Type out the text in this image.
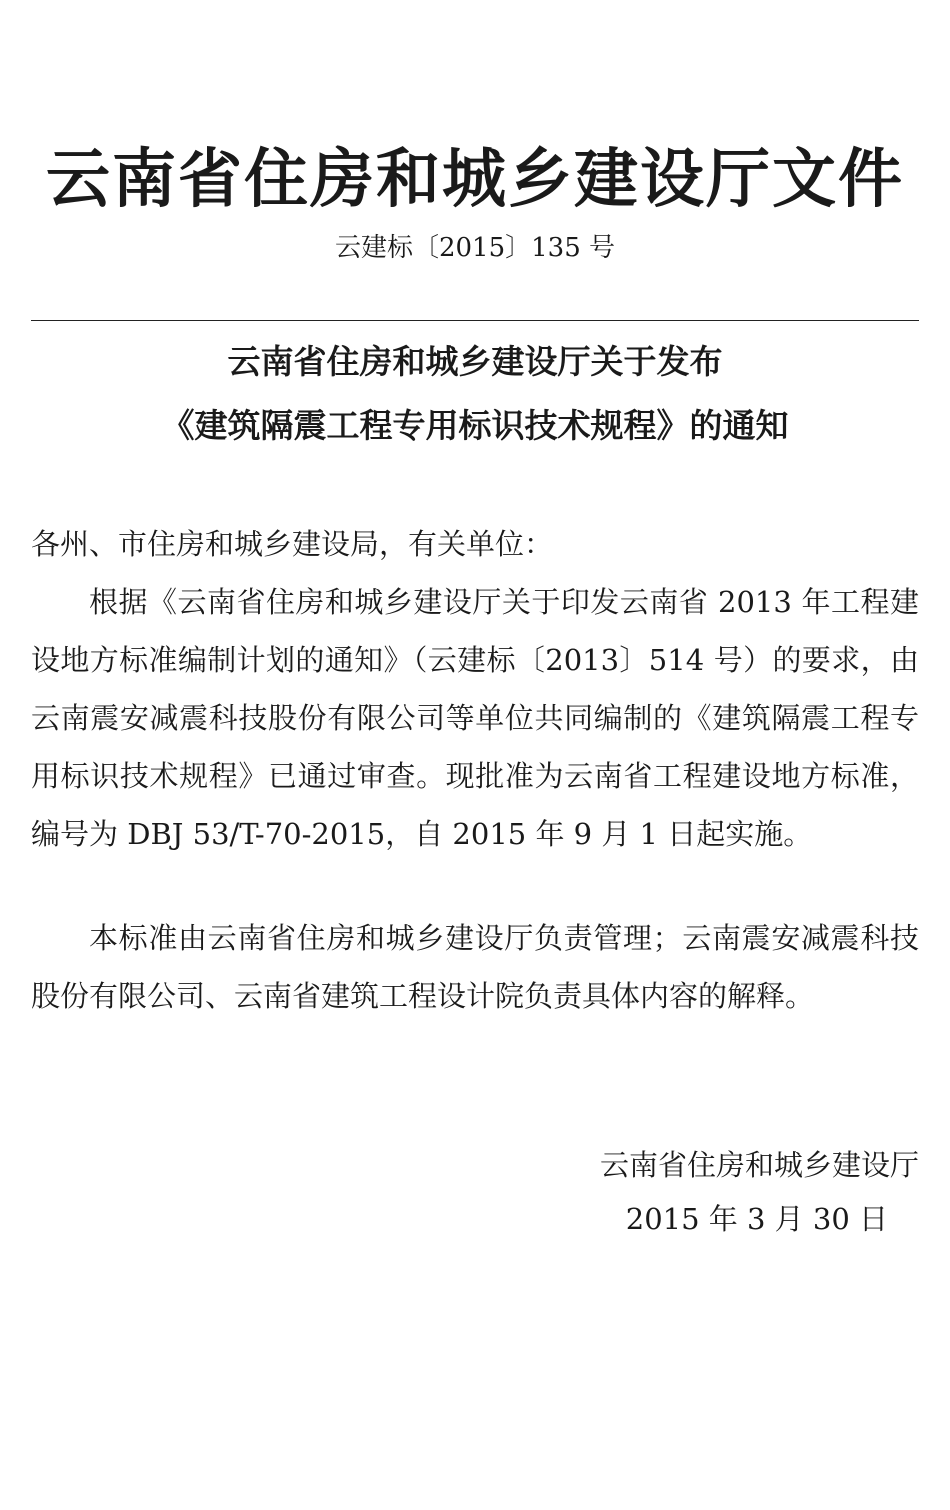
云南省住房和城乡建设厅文件
云建标〔2015〕135 号
云南省住房和城乡建设厅关于发布
《建筑隔震工程专用标识技术规程》的通知
各州、市住房和城乡建设局，有关单位：
根据《云南省住房和城乡建设厅关于印发云南省 2013 年工程建设地方标准编制计划的通知》（云建标〔2013〕514 号）的要求，由云南震安减震科技股份有限公司等单位共同编制的《建筑隔震工程专用标识技术规程》已通过审查。现批准为云南省工程建设地方标准，编号为 DBJ 53/T-70-2015，自 2015 年 9 月 1 日起实施。
本标准由云南省住房和城乡建设厅负责管理；云南震安减震科技股份有限公司、云南省建筑工程设计院负责具体内容的解释。
云南省住房和城乡建设厅
2015 年 3 月 30 日
